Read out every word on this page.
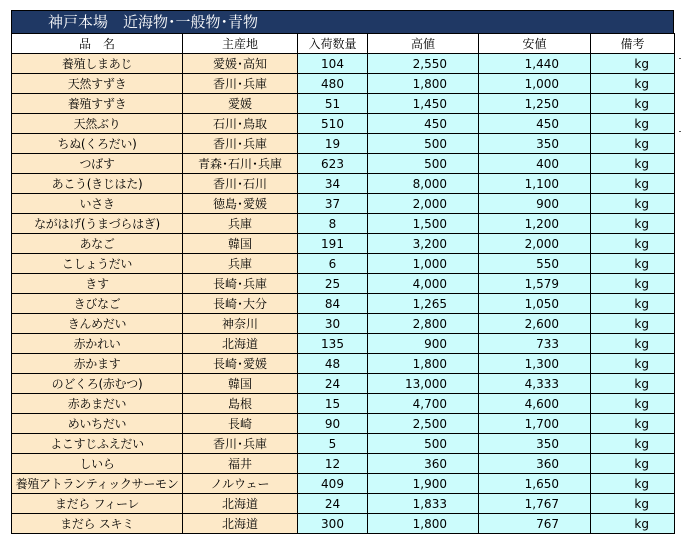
神戸本場　近海物･一般物･青物
品　名	主産地	入荷数量	高値	安値	備考
養殖しまあじ	愛媛･高知	104	2,550	1,440	kg
天然すずき	香川･兵庫	480	1,800	1,000	kg
養殖すずき	愛媛	51	1,450	1,250	kg
天然ぶり	石川･鳥取	510	450	450	kg
ちぬ(くろだい)	香川･兵庫	19	500	350	kg
つばす	青森･石川･兵庫	623	500	400	kg
あこう(きじはた)	香川･石川	34	8,000	1,100	kg
いさき	徳島･愛媛	37	2,000	900	kg
ながはげ(うまづらはぎ)	兵庫	8	1,500	1,200	kg
あなご	韓国	191	3,200	2,000	kg
こしょうだい	兵庫	6	1,000	550	kg
きす	長崎･兵庫	25	4,000	1,579	kg
きびなご	長崎･大分	84	1,265	1,050	kg
きんめだい	神奈川	30	2,800	2,600	kg
赤かれい	北海道	135	900	733	kg
赤かます	長崎･愛媛	48	1,800	1,300	kg
のどくろ(赤むつ)	韓国	24	13,000	4,333	kg
赤あまだい	島根	15	4,700	4,600	kg
めいちだい	長崎	90	2,500	1,700	kg
よこすじふえだい	香川･兵庫	5	500	350	kg
しいら	福井	12	360	360	kg
養殖アトランティックサーモン	ノルウェー	409	1,900	1,650	kg
まだら フィーレ	北海道	24	1,833	1,767	kg
まだら スキミ	北海道	300	1,800	767	kg
